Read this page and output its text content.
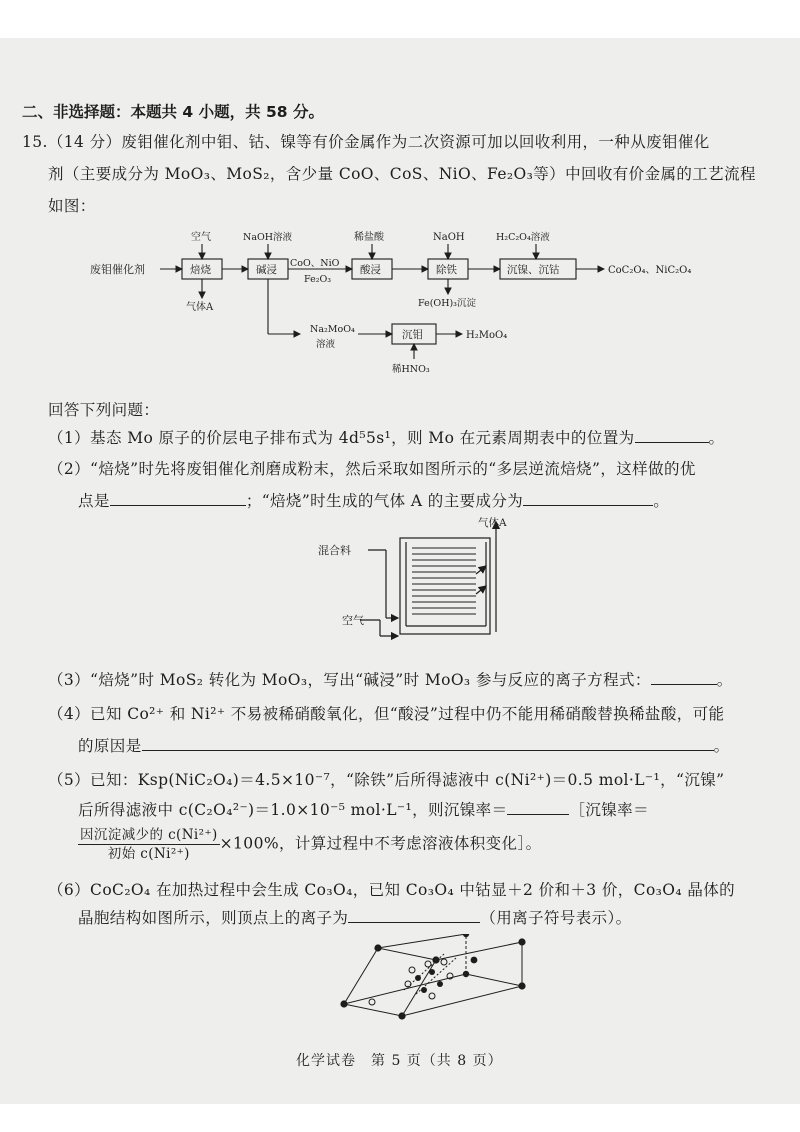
二、非选择题：本题共 4 小题，共 58 分。
15.（14 分）废钼催化剂中钼、钴、镍等有价金属作为二次资源可加以回收利用，一种从废钼催化
剂（主要成分为 MoO₃、MoS₂，含少量 CoO、CoS、NiO、Fe₂O₃等）中回收有价金属的工艺流程
如图：
废钼催化剂	焙烧	碱浸	酸浸	除铁	沉镍、沉钴
沉钼
空气	NaOH溶液	稀盐酸	NaOH	H₂C₂O₄溶液
气体A
CoO、NiO
Fe₂O₃
Fe(OH)₃沉淀
CoC₂O₄、NiC₂O₄
Na₂MoO₄
溶液
H₂MoO₄
稀HNO₃
回答下列问题：
（1）基态 Mo 原子的价层电子排布式为 4d⁵5s¹，则 Mo 在元素周期表中的位置为	。
（2）“焙烧”时先将废钼催化剂磨成粉末，然后采取如图所示的“多层逆流焙烧”，这样做的优
点是	；“焙烧”时生成的气体 A 的主要成分为	。
混合料
空气
气体A
（3）“焙烧”时 MoS₂ 转化为 MoO₃，写出“碱浸”时 MoO₃ 参与反应的离子方程式：	。
（4）已知 Co²⁺ 和 Ni²⁺ 不易被稀硝酸氧化，但“酸浸”过程中仍不能用稀硝酸替换稀盐酸，可能
的原因是	。
（5）已知：Ksp(NiC₂O₄)＝4.5×10⁻⁷，“除铁”后所得滤液中 c(Ni²⁺)＝0.5 mol·L⁻¹，“沉镍”
后所得滤液中 c(C₂O₄²⁻)＝1.0×10⁻⁵ mol·L⁻¹，则沉镍率＝	［沉镍率＝
$\frac{\text{因沉淀减少的 c(Ni²⁺)}}{\text{初始 c(Ni²⁺)}} \times 100\%$，计算过程中不考虑溶液体积变化］。
（6）CoC₂O₄ 在加热过程中会生成 Co₃O₄，已知 Co₃O₄ 中钴显＋2 价和＋3 价，Co₃O₄ 晶体的
晶胞结构如图所示，则顶点上的离子为	（用离子符号表示）。
化学试卷　第 5 页（共 8 页）
